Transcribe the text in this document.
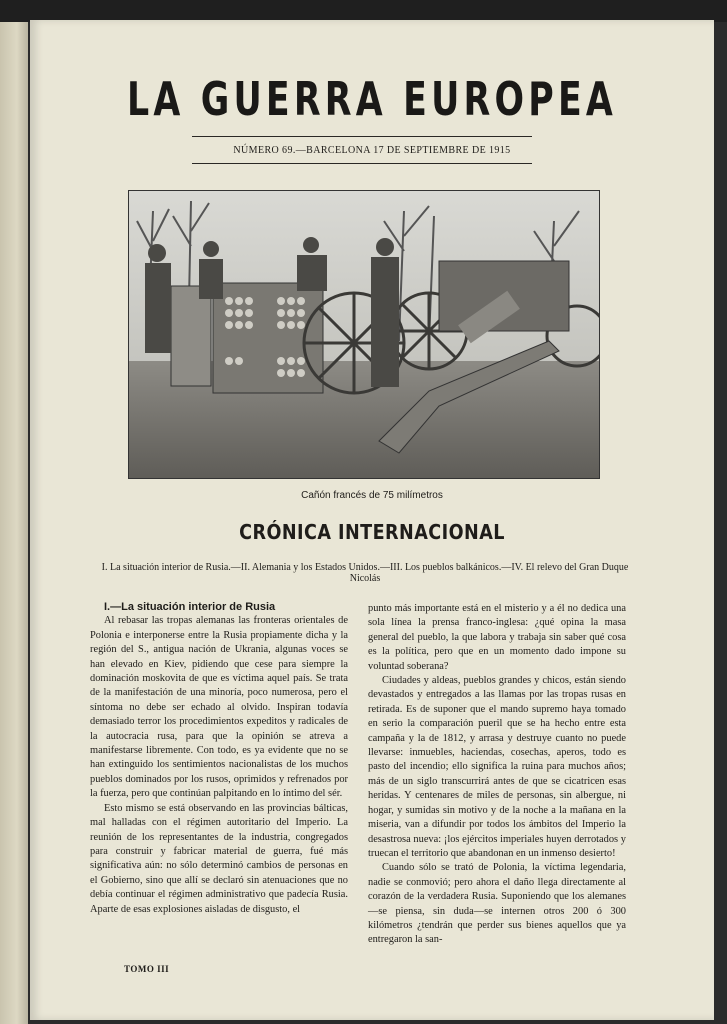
LA GUERRA EUROPEA
NÚMERO 69.—BARCELONA 17 DE SEPTIEMBRE DE 1915
Cañón francés de 75 milímetros
CRÓNICA INTERNACIONAL
I. La situación interior de Rusia.—II. Alemania y los Estados Unidos.—III. Los pueblos balkánicos.—IV. El relevo del Gran Duque Nicolás

I.—La situación interior de Rusia

Al rebasar las tropas alemanas las fronteras orientales de Polonia e interponerse entre la Rusia propiamente dicha y la región del S., antigua nación de Ukrania, algunas voces se han elevado en Kiev, pidiendo que cese para siempre la dominación moskovita de que es víctima aquel país. Se trata de la manifestación de una minoría, poco numerosa, pero el síntoma no debe ser echado al olvido. Inspiran todavía demasiado terror los procedimientos expeditos y radicales de la autocracia rusa, para que la opinión se atreva a manifestarse libremente. Con todo, es ya evidente que no se han extinguido los sentimientos nacionalistas de los muchos pueblos dominados por los rusos, oprimidos y refrenados por la fuerza, pero que continúan palpitando en lo íntimo del sér.

Esto mismo se está observando en las provincias bálticas, mal halladas con el régimen autoritario del Imperio. La reunión de los representantes de la industria, congregados para construir y fabricar material de guerra, fué más significativa aún: no sólo determinó cambios de personas en el Gobierno, sino que allí se declaró sin atenuaciones que no debía continuar el régimen administrativo que padecía Rusia. Aparte de esas explosiones aisladas de disgusto, el

punto más importante está en el misterio y a él no dedica una sola línea la prensa franco-inglesa: ¿qué opina la masa general del pueblo, la que labora y trabaja sin saber qué cosa es la política, pero que en un momento dado impone su voluntad soberana?

Ciudades y aldeas, pueblos grandes y chicos, están siendo devastados y entregados a las llamas por las tropas rusas en retirada. Es de suponer que el mando supremo haya tomado en serio la comparación pueril que se ha hecho entre esta campaña y la de 1812, y arrasa y destruye cuanto no puede llevarse: inmuebles, haciendas, cosechas, aperos, todo es pasto del incendio; ello significa la ruina para muchos años; más de un siglo transcurrirá antes de que se cicatricen esas heridas. Y centenares de miles de personas, sin albergue, ni hogar, y sumidas sin motivo y de la noche a la mañana en la miseria, van a difundir por todos los ámbitos del Imperio la desastrosa nueva: ¡los ejércitos imperiales huyen derrotados y truecan el territorio que abandonan en un inmenso desierto!

Cuando sólo se trató de Polonia, la víctima legendaria, nadie se conmovió; pero ahora el daño llega directamente al corazón de la verdadera Rusia. Suponiendo que los alemanes—se piensa, sin duda—se internen otros 200 ó 300 kilómetros ¿tendrán que perder sus bienes aquellos que ya entregaron la san-

TOMO III
